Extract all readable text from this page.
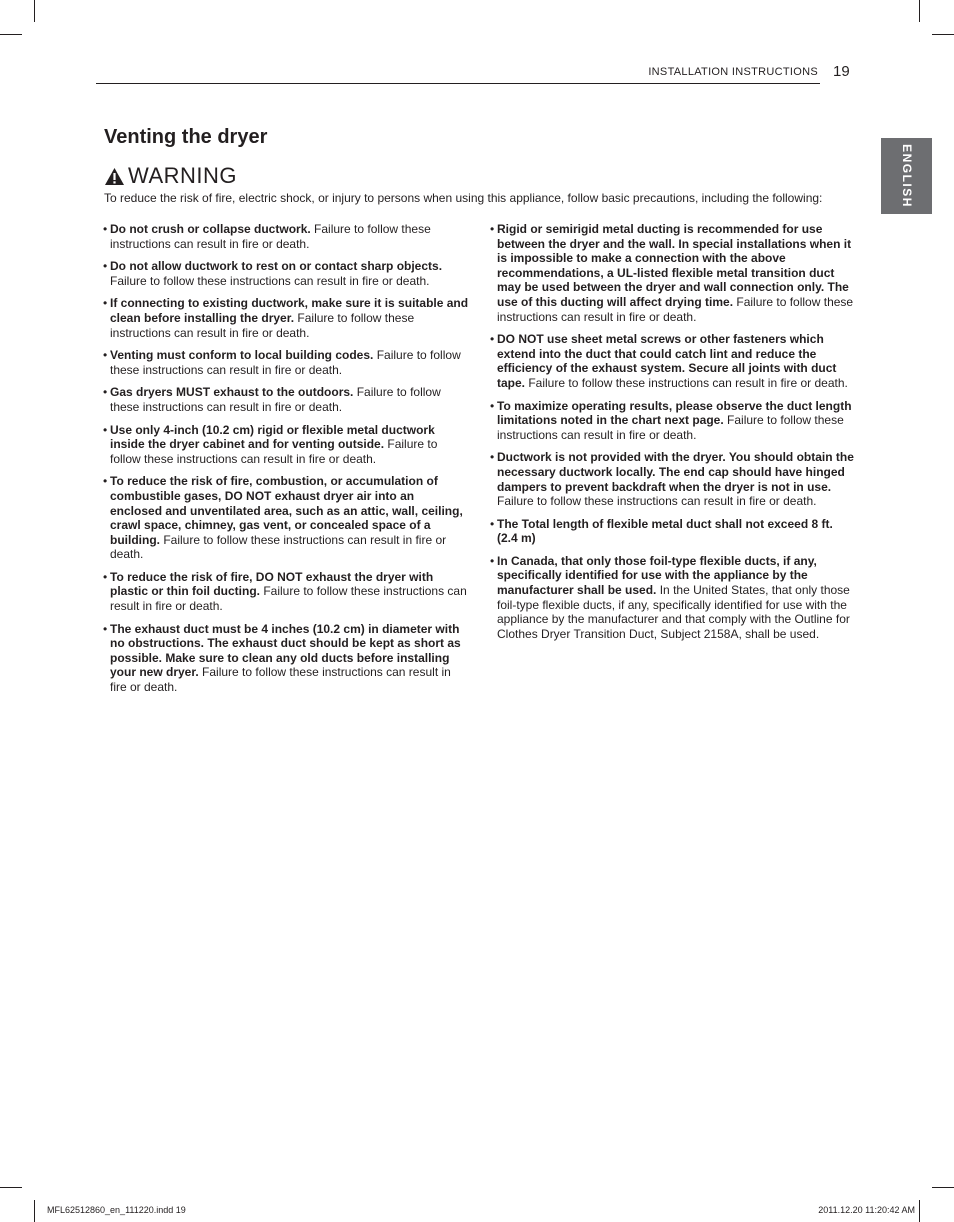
INSTALLATION INSTRUCTIONS 19
ENGLISH
Venting the dryer
WARNING
To reduce the risk of fire, electric shock, or injury to persons when using this appliance, follow basic precautions, including the following:
• Do not crush or collapse ductwork. Failure to follow these instructions can result in fire or death.
• Do not allow ductwork to rest on or contact sharp objects. Failure to follow these instructions can result in fire or death.
• If connecting to existing ductwork, make sure it is suitable and clean before installing the dryer. Failure to follow these instructions can result in fire or death.
• Venting must conform to local building codes. Failure to follow these instructions can result in fire or death.
• Gas dryers MUST exhaust to the outdoors. Failure to follow these instructions can result in fire or death.
• Use only 4-inch (10.2 cm) rigid or flexible metal ductwork inside the dryer cabinet and for venting outside. Failure to follow these instructions can result in fire or death.
• To reduce the risk of fire, combustion, or accumulation of combustible gases, DO NOT exhaust dryer air into an enclosed and unventilated area, such as an attic, wall, ceiling, crawl space, chimney, gas vent, or concealed space of a building. Failure to follow these instructions can result in fire or death.
• To reduce the risk of fire, DO NOT exhaust the dryer with plastic or thin foil ducting. Failure to follow these instructions can result in fire or death.
• The exhaust duct must be 4 inches (10.2 cm) in diameter with no obstructions. The exhaust duct should be kept as short as possible. Make sure to clean any old ducts before installing your new dryer. Failure to follow these instructions can result in fire or death.
• Rigid or semirigid metal ducting is recommended for use between the dryer and the wall. In special installations when it is impossible to make a connection with the above recommendations, a UL-listed flexible metal transition duct may be used between the dryer and wall connection only. The use of this ducting will affect drying time. Failure to follow these instructions can result in fire or death.
• DO NOT use sheet metal screws or other fasteners which extend into the duct that could catch lint and reduce the efficiency of the exhaust system. Secure all joints with duct tape. Failure to follow these instructions can result in fire or death.
• To maximize operating results, please observe the duct length limitations noted in the chart next page. Failure to follow these instructions can result in fire or death.
• Ductwork is not provided with the dryer. You should obtain the necessary ductwork locally. The end cap should have hinged dampers to prevent backdraft when the dryer is not in use. Failure to follow these instructions can result in fire or death.
• The Total length of flexible metal duct shall not exceed 8 ft. (2.4 m)
• In Canada, that only those foil-type flexible ducts, if any, specifically identified for use with the appliance by the manufacturer shall be used. In the United States, that only those foil-type flexible ducts, if any, specifically identified for use with the appliance by the manufacturer and that comply with the Outline for Clothes Dryer Transition Duct, Subject 2158A, shall be used.
MFL62512860_en_111220.indd 19	2011.12.20 11:20:42 AM
